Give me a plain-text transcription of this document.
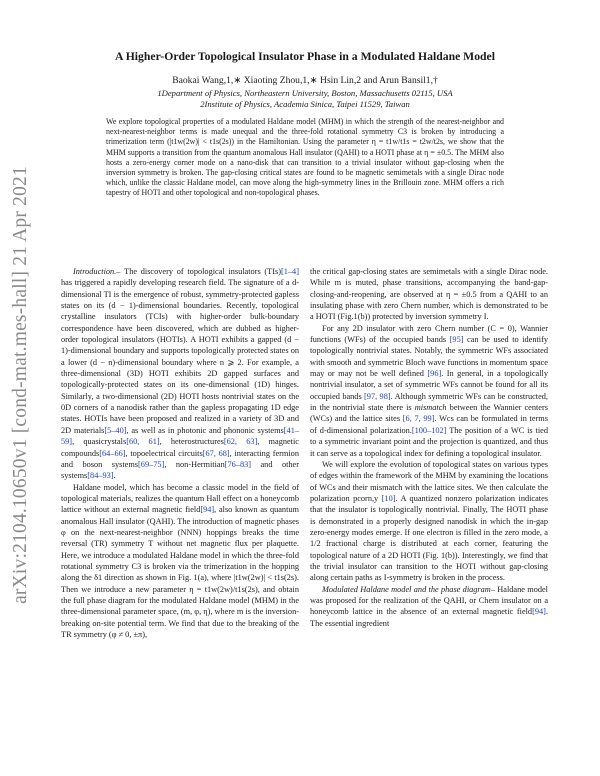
arXiv:2104.10650v1 [cond-mat.mes-hall] 21 Apr 2021
A Higher-Order Topological Insulator Phase in a Modulated Haldane Model
Baokai Wang,1,∗ Xiaoting Zhou,1,∗ Hsin Lin,2 and Arun Bansil1,†
1Department of Physics, Northeastern University, Boston, Massachusetts 02115, USA
2Institute of Physics, Academia Sinica, Taipei 11529, Taiwan
We explore topological properties of a modulated Haldane model (MHM) in which the strength of the nearest-neighbor and next-nearest-neighbor terms is made unequal and the three-fold rotational symmetry C3 is broken by introducing a trimerization term (|t1w(2w)| < t1s(2s)) in the Hamiltonian. Using the parameter η = t1w/t1s = t2w/t2s, we show that the MHM supports a transition from the quantum anomalous Hall insulator (QAHI) to a HOTI phase at η = ±0.5. The MHM also hosts a zero-energy corner mode on a nano-disk that can transition to a trivial insulator without gap-closing when the inversion symmetry is broken. The gap-closing critical states are found to be magnetic semimetals with a single Dirac node which, unlike the classic Haldane model, can move along the high-symmetry lines in the Brillouin zone. MHM offers a rich tapestry of HOTI and other topological and non-topological phases.

Introduction.– The discovery of topological insulators (TIs)[1–4] has triggered a rapidly developing research field. The signature of a d-dimensional TI is the emergence of robust, symmetry-protected gapless states on its (d − 1)-dimensional boundaries. Recently, topological crystalline insulators (TCIs) with higher-order bulk-boundary correspondence have been discovered, which are dubbed as higher-order topological insulators (HOTIs). A HOTI exhibits a gapped (d − 1)-dimensional boundary and supports topologically protected states on a lower (d − n)-dimensional boundary where n ⩾ 2. For example, a three-dimensional (3D) HOTI exhibits 2D gapped surfaces and topologically-protected states on its one-dimensional (1D) hinges. Similarly, a two-dimensional (2D) HOTI hosts nontrivial states on the 0D corners of a nanodisk rather than the gapless propagating 1D edge states. HOTIs have been proposed and realized in a variety of 3D and 2D materials[5–40], as well as in photonic and phononic systems[41–59], quasicrystals[60, 61], heterostructures[62, 63], magnetic compounds[64–66], topoelectrical circuits[67, 68], interacting fermion and boson systems[69–75], non-Hermitian[76–83] and other systems[84–93].

Haldane model, which has become a classic model in the field of topological materials, realizes the quantum Hall effect on a honeycomb lattice without an external magnetic field[94], also known as quantum anomalous Hall insulator (QAHI). The introduction of magnetic phases φ on the next-nearest-neighbor (NNN) hoppings breaks the time reversal (TR) symmetry T without net magnetic flux per plaquette. Here, we introduce a modulated Haldane model in which the three-fold rotational symmetry C3 is broken via the trimerization in the hopping along the δ1 direction as shown in Fig. 1(a), where |t1w(2w)| < t1s(2s). Then we introduce a new parameter η = t1w(2w)/t1s(2s), and obtain the full phase diagram for the modulated Haldane model (MHM) in the three-dimensional parameter space, (m, φ, η), where m is the inversion-breaking on-site potential term. We find that due to the breaking of the TR symmetry (φ ≠ 0, ±π),

the critical gap-closing states are semimetals with a single Dirac node. While m is muted, phase transitions, accompanying the band-gap-closing-and-reopening, are observed at η = ±0.5 from a QAHI to an insulating phase with zero Chern number, which is demonstrated to be a HOTI (Fig.1(b)) protected by inversion symmetry I.

For any 2D insulator with zero Chern number (C = 0), Wannier functions (WFs) of the occupied bands [95] can be used to identify topologically nontrivial states. Notably, the symmetric WFs associated with smooth and symmetric Bloch wave functions in momentum space may or may not be well defined [96]. In general, in a topologically nontrivial insulator, a set of symmetric WFs cannot be found for all its occupied bands [97, 98]. Although symmetric WFs can be constructed, in the nontrivial state there is mismatch between the Wannier centers (WCs) and the lattice sites [6, 7, 99]. Wcs can be formulated in terms of d-dimensional polarization.[100–102] The position of a WC is tied to a symmetric invariant point and the projection is quantized, and thus it can serve as a topological index for defining a topological insulator.

We will explore the evolution of topological states on various types of edges within the framework of the MHM by examining the locations of WCs and their mismatch with the lattice sites. We then calculate the polarization pcorn,y [10]. A quantized nonzero polarization indicates that the insulator is topologically nontrivial. Finally, The HOTI phase is demonstrated in a properly designed nanodisk in which the in-gap zero-energy modes emerge. If one electron is filled in the zero mode, a 1/2 fractional charge is distributed at each corner, featuring the topological nature of a 2D HOTI (Fig. 1(b)). Interestingly, we find that the trivial insulator can transition to the HOTI without gap-closing along certain paths as I-symmetry is broken in the process.

Modulated Haldane model and the phase diagram– Haldane model was proposed for the realization of the QAHI, or Chern insulator on a honeycomb lattice in the absence of an external magnetic field[94]. The essential ingredient
